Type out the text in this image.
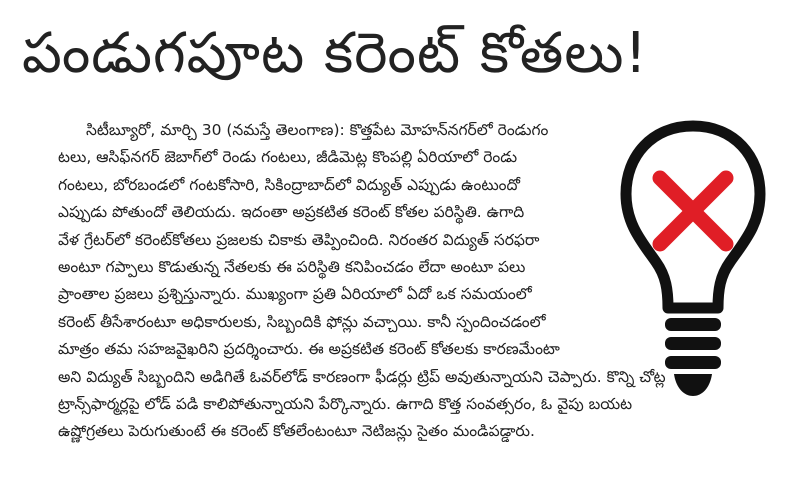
పండుగపూట కరెంట్ కోతలు!
సిటీబ్యూరో, మార్చి 30 (నమస్తే తెలంగాణ): కొత్తపేట మోహన్‌నగర్‌లో రెండుగం
టలు, ఆసిఫ్‌నగర్ జెబాగ్‌లో రెండు గంటలు, జీడిమెట్ల కొంపల్లి ఏరియాలో రెండు
గంటలు, బోరబండలో గంటకోసారి, సికింద్రాబాద్‌లో విద్యుత్ ఎప్పుడు ఉంటుందో
ఎప్పుడు పోతుందో తెలియదు. ఇదంతా అప్రకటిత కరెంట్ కోతల పరిస్థితి. ఉగాది
వేళ గ్రేటర్‌లో కరెంట్‌కోతలు ప్రజలకు చికాకు తెప్పించింది. నిరంతర విద్యుత్ సరఫరా
అంటూ గప్పాలు కొడుతున్న నేతలకు ఈ పరిస్థితి కనిపించడం లేదా అంటూ పలు
ప్రాంతాల ప్రజలు ప్రశ్నిస్తున్నారు. ముఖ్యంగా ప్రతి ఏరియాలో ఏదో ఒక సమయంలో
కరెంట్ తీసేశారంటూ అధికారులకు, సిబ్బందికి ఫోన్లు వచ్చాయి. కానీ స్పందించడంలో
మాత్రం తమ సహజవైఖరిని ప్రదర్శించారు. ఈ అప్రకటిత కరెంట్ కోతలకు కారణమేంటా
అని విద్యుత్ సిబ్బందిని అడిగితే ఓవర్‌లోడ్ కారణంగా ఫీడర్లు ట్రిప్ అవుతున్నాయని చెప్పారు. కొన్ని చోట్ల
ట్రాన్స్‌ఫార్మర్లపై లోడ్ పడి కాలిపోతున్నాయని పేర్కొన్నారు. ఉగాది కొత్త సంవత్సరం, ఓ వైపు బయట
ఉష్ణోగ్రతలు పెరుగుతుంటే ఈ కరెంట్ కోతలేంటంటూ నెటిజన్లు సైతం మండిపడ్డారు.
